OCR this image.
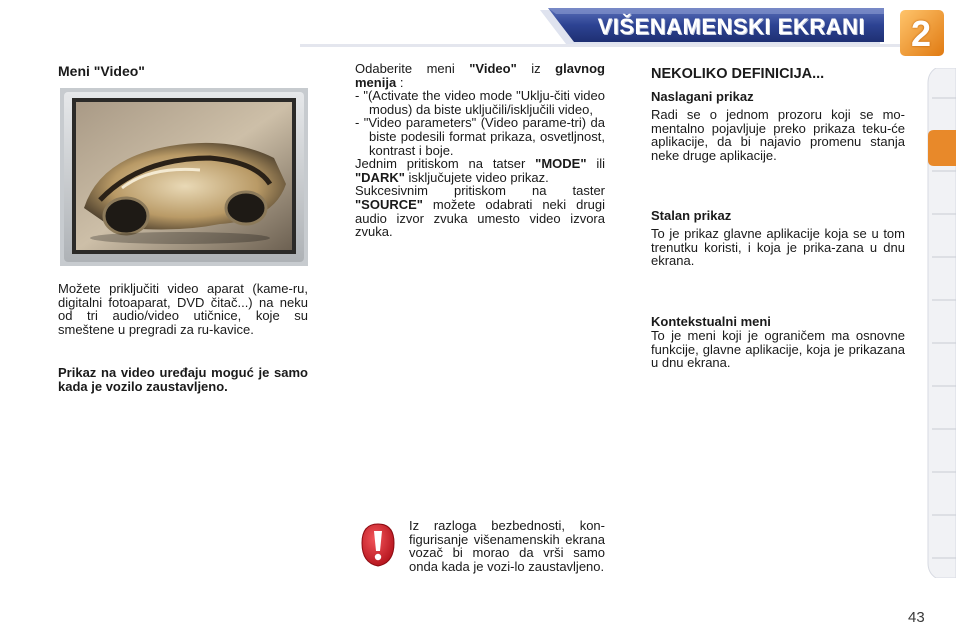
VIŠENAMENSKI EKRANI 2
Meni "Video"
Možete priključiti video aparat (kame-ru, digitalni fotoaparat, DVD čitač...) na neku od tri audio/video utičnice, koje su smeštene u pregradi za ru-kavice.
Prikaz na video uređaju moguć je samo kada je vozilo zaustavljeno.

Odaberite meni "Video" iz glavnog menija :

- "(Activate the video mode "Uklju-čiti video modus) da biste uključili/isključili video,

- "Video parameters" (Video parame-tri) da biste podesili format prikaza, osvetljnost, kontrast i boje.

Jednim pritiskom na tatser "MODE" ili "DARK" isključujete video prikaz.

Sukcesivnim pritiskom na taster "SOURCE" možete odabrati neki drugi audio izvor zvuka umesto video izvora zvuka.

NEKOLIKO DEFINICIJA...
Naslagani prikaz
Radi se o jednom prozoru koji se mo-mentalno pojavljuje preko prikaza teku-će aplikacije, da bi najavio promenu stanja neke druge aplikacije.
Stalan prikaz
To je prikaz glavne aplikacije koja se u tom trenutku koristi, i koja je prika-zana u dnu ekrana.
Kontekstualni meni
To je meni koji je ograničem ma osnovne funkcije, glavne aplikacije, koja je prikazana u dnu ekrana.
Iz razloga bezbednosti, kon-figurisanje višenamenskih ekrana vozač bi morao da vrši samo onda kada je vozi-lo zaustavljeno.
43
